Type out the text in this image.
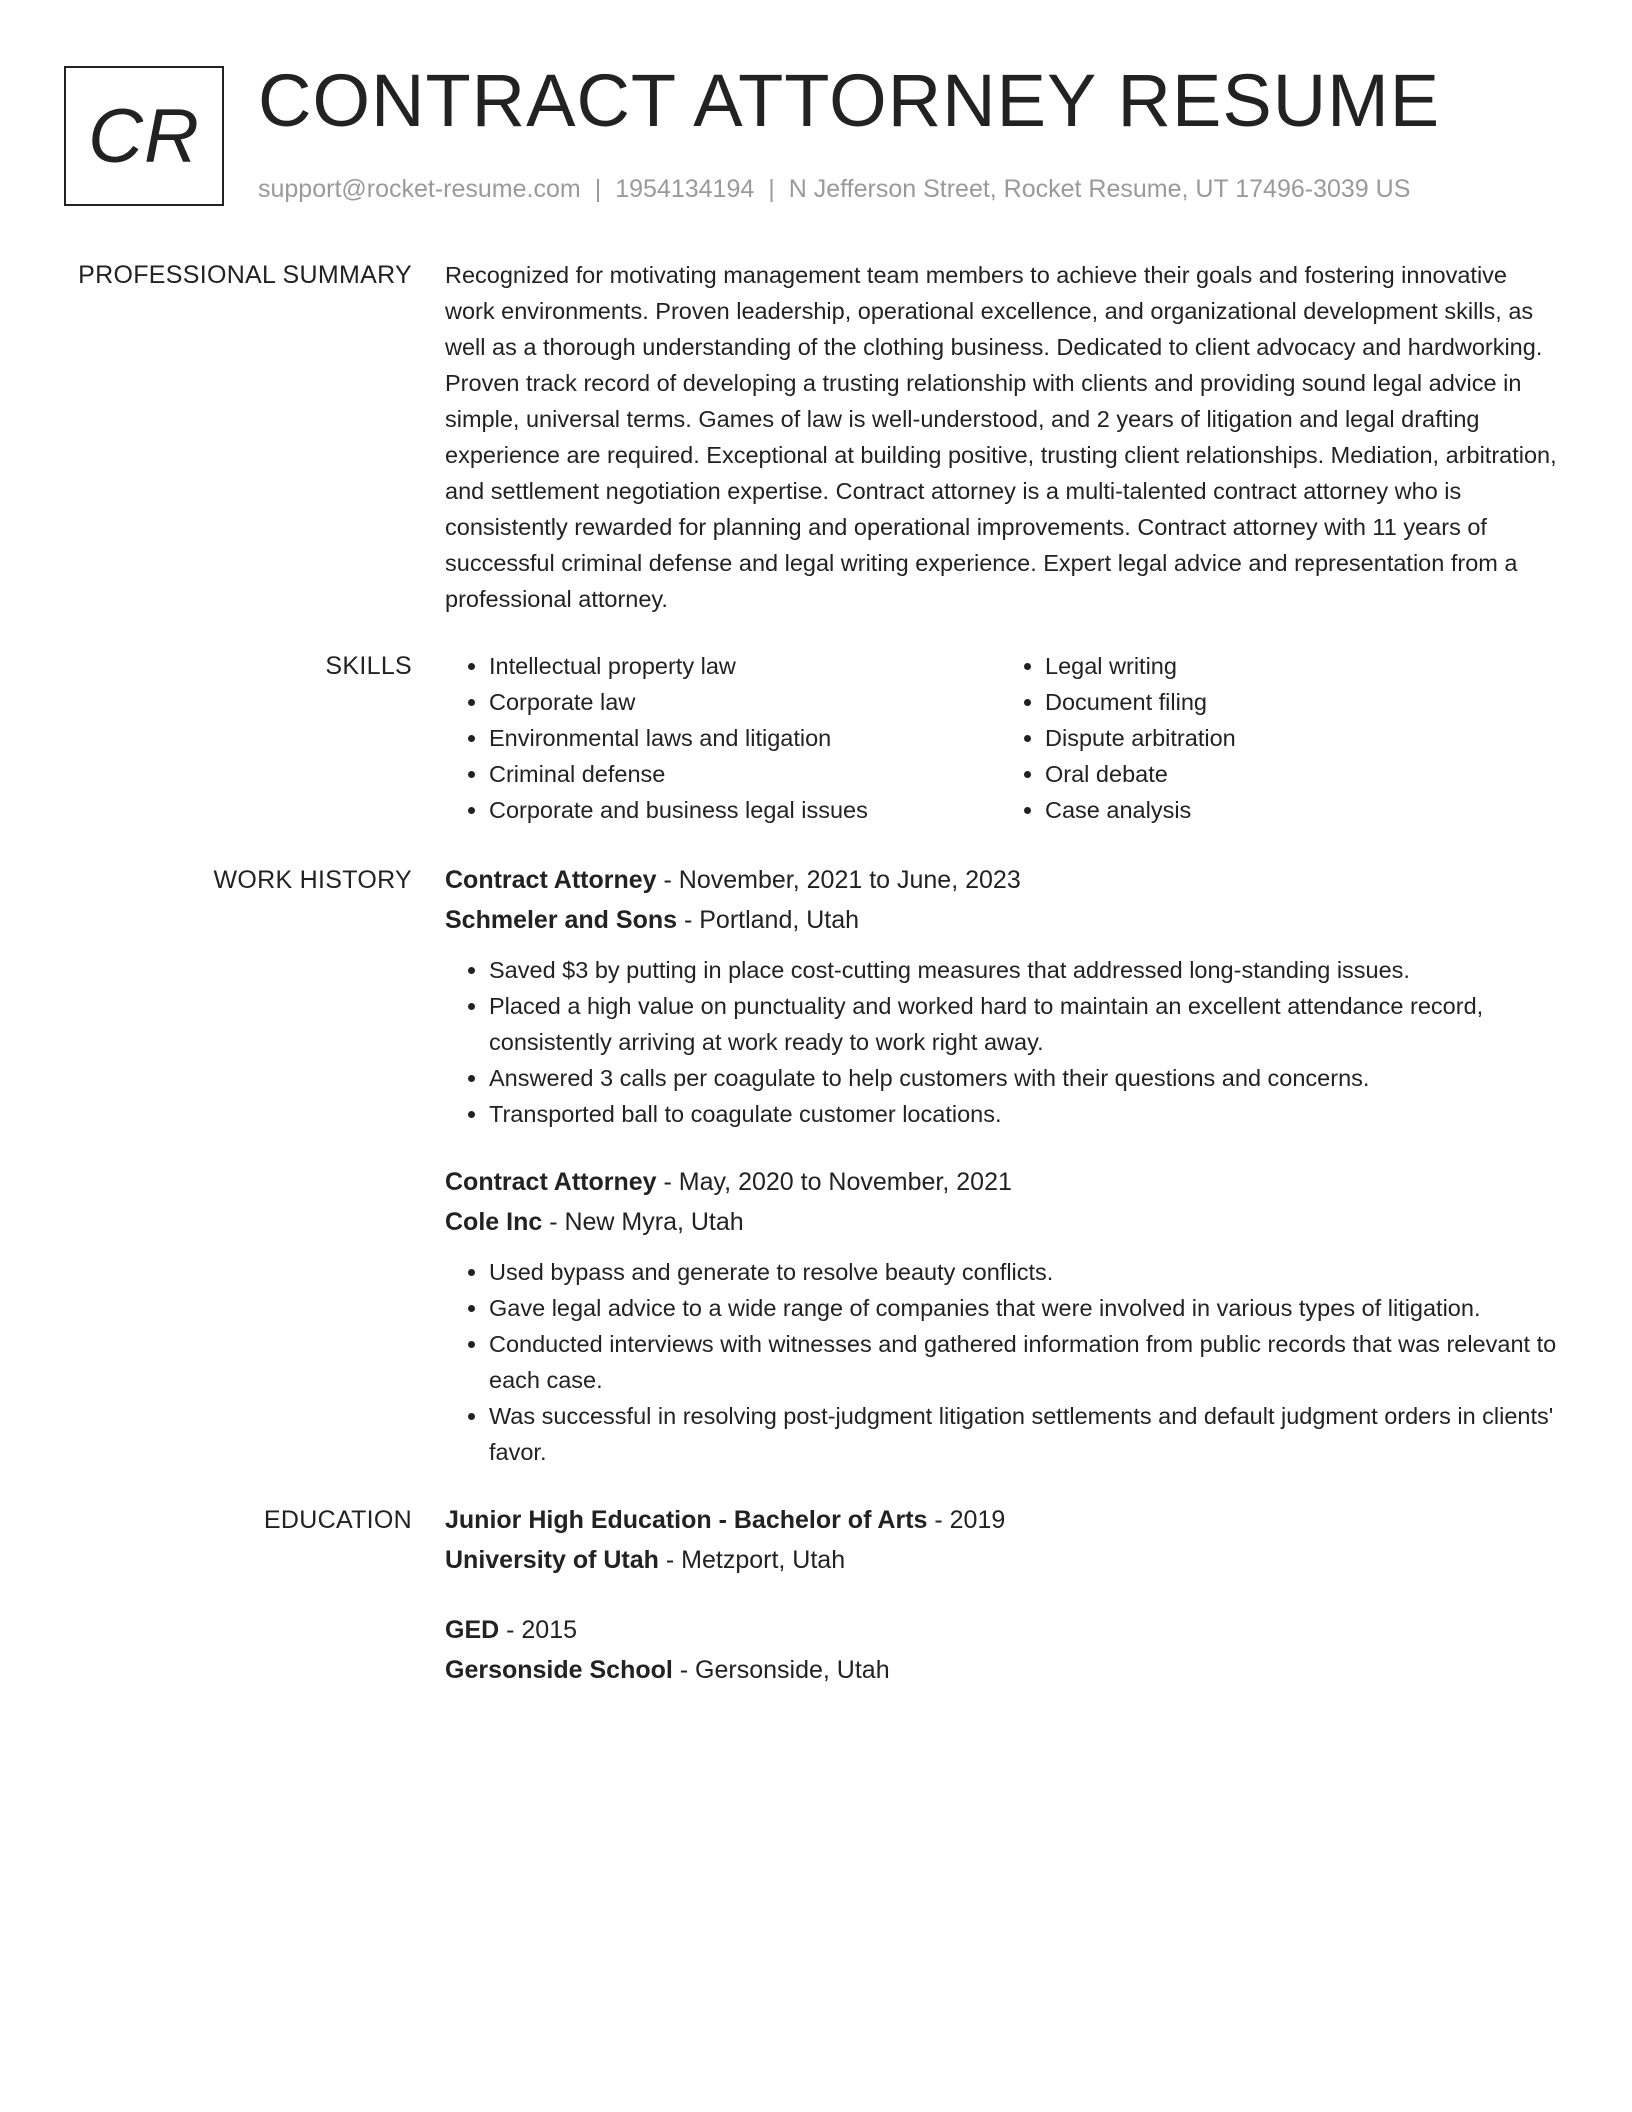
CR CONTRACT ATTORNEY RESUME
support@rocket-resume.com | 1954134194 | N Jefferson Street, Rocket Resume, UT 17496-3039 US
PROFESSIONAL SUMMARY Recognized for motivating management team members to achieve their goals and fostering innovative work environments. Proven leadership, operational excellence, and organizational development skills, as well as a thorough understanding of the clothing business. Dedicated to client advocacy and hardworking. Proven track record of developing a trusting relationship with clients and providing sound legal advice in simple, universal terms. Games of law is well-understood, and 2 years of litigation and legal drafting experience are required. Exceptional at building positive, trusting client relationships. Mediation, arbitration, and settlement negotiation expertise. Contract attorney is a multi-talented contract attorney who is consistently rewarded for planning and operational improvements. Contract attorney with 11 years of successful criminal defense and legal writing experience. Expert legal advice and representation from a professional attorney.

SKILLS
•	Intellectual property law
• Corporate law
• Environmental laws and litigation
• Criminal defense
• Corporate and business legal issues
• Legal writing
• Document filing
• Dispute arbitration
• Oral debate
• Case analysis
WORK HISTORY Contract Attorney - November, 2021 to June, 2023
Schmeler and Sons - Portland, Utah
• Saved $3 by putting in place cost-cutting measures that addressed long-standing issues.
• Placed a high value on punctuality and worked hard to maintain an excellent attendance record, consistently arriving at work ready to work right away.
• Answered 3 calls per coagulate to help customers with their questions and concerns.
• Transported ball to coagulate customer locations.
Contract Attorney - May, 2020 to November, 2021
Cole Inc - New Myra, Utah
• Used bypass and generate to resolve beauty conflicts.
• Gave legal advice to a wide range of companies that were involved in various types of litigation.
• Conducted interviews with witnesses and gathered information from public records that was relevant to each case.
• Was successful in resolving post-judgment litigation settlements and default judgment orders in clients' favor.
EDUCATION Junior High Education - Bachelor of Arts - 2019
University of Utah - Metzport, Utah
GED - 2015
Gersonside School - Gersonside, Utah
